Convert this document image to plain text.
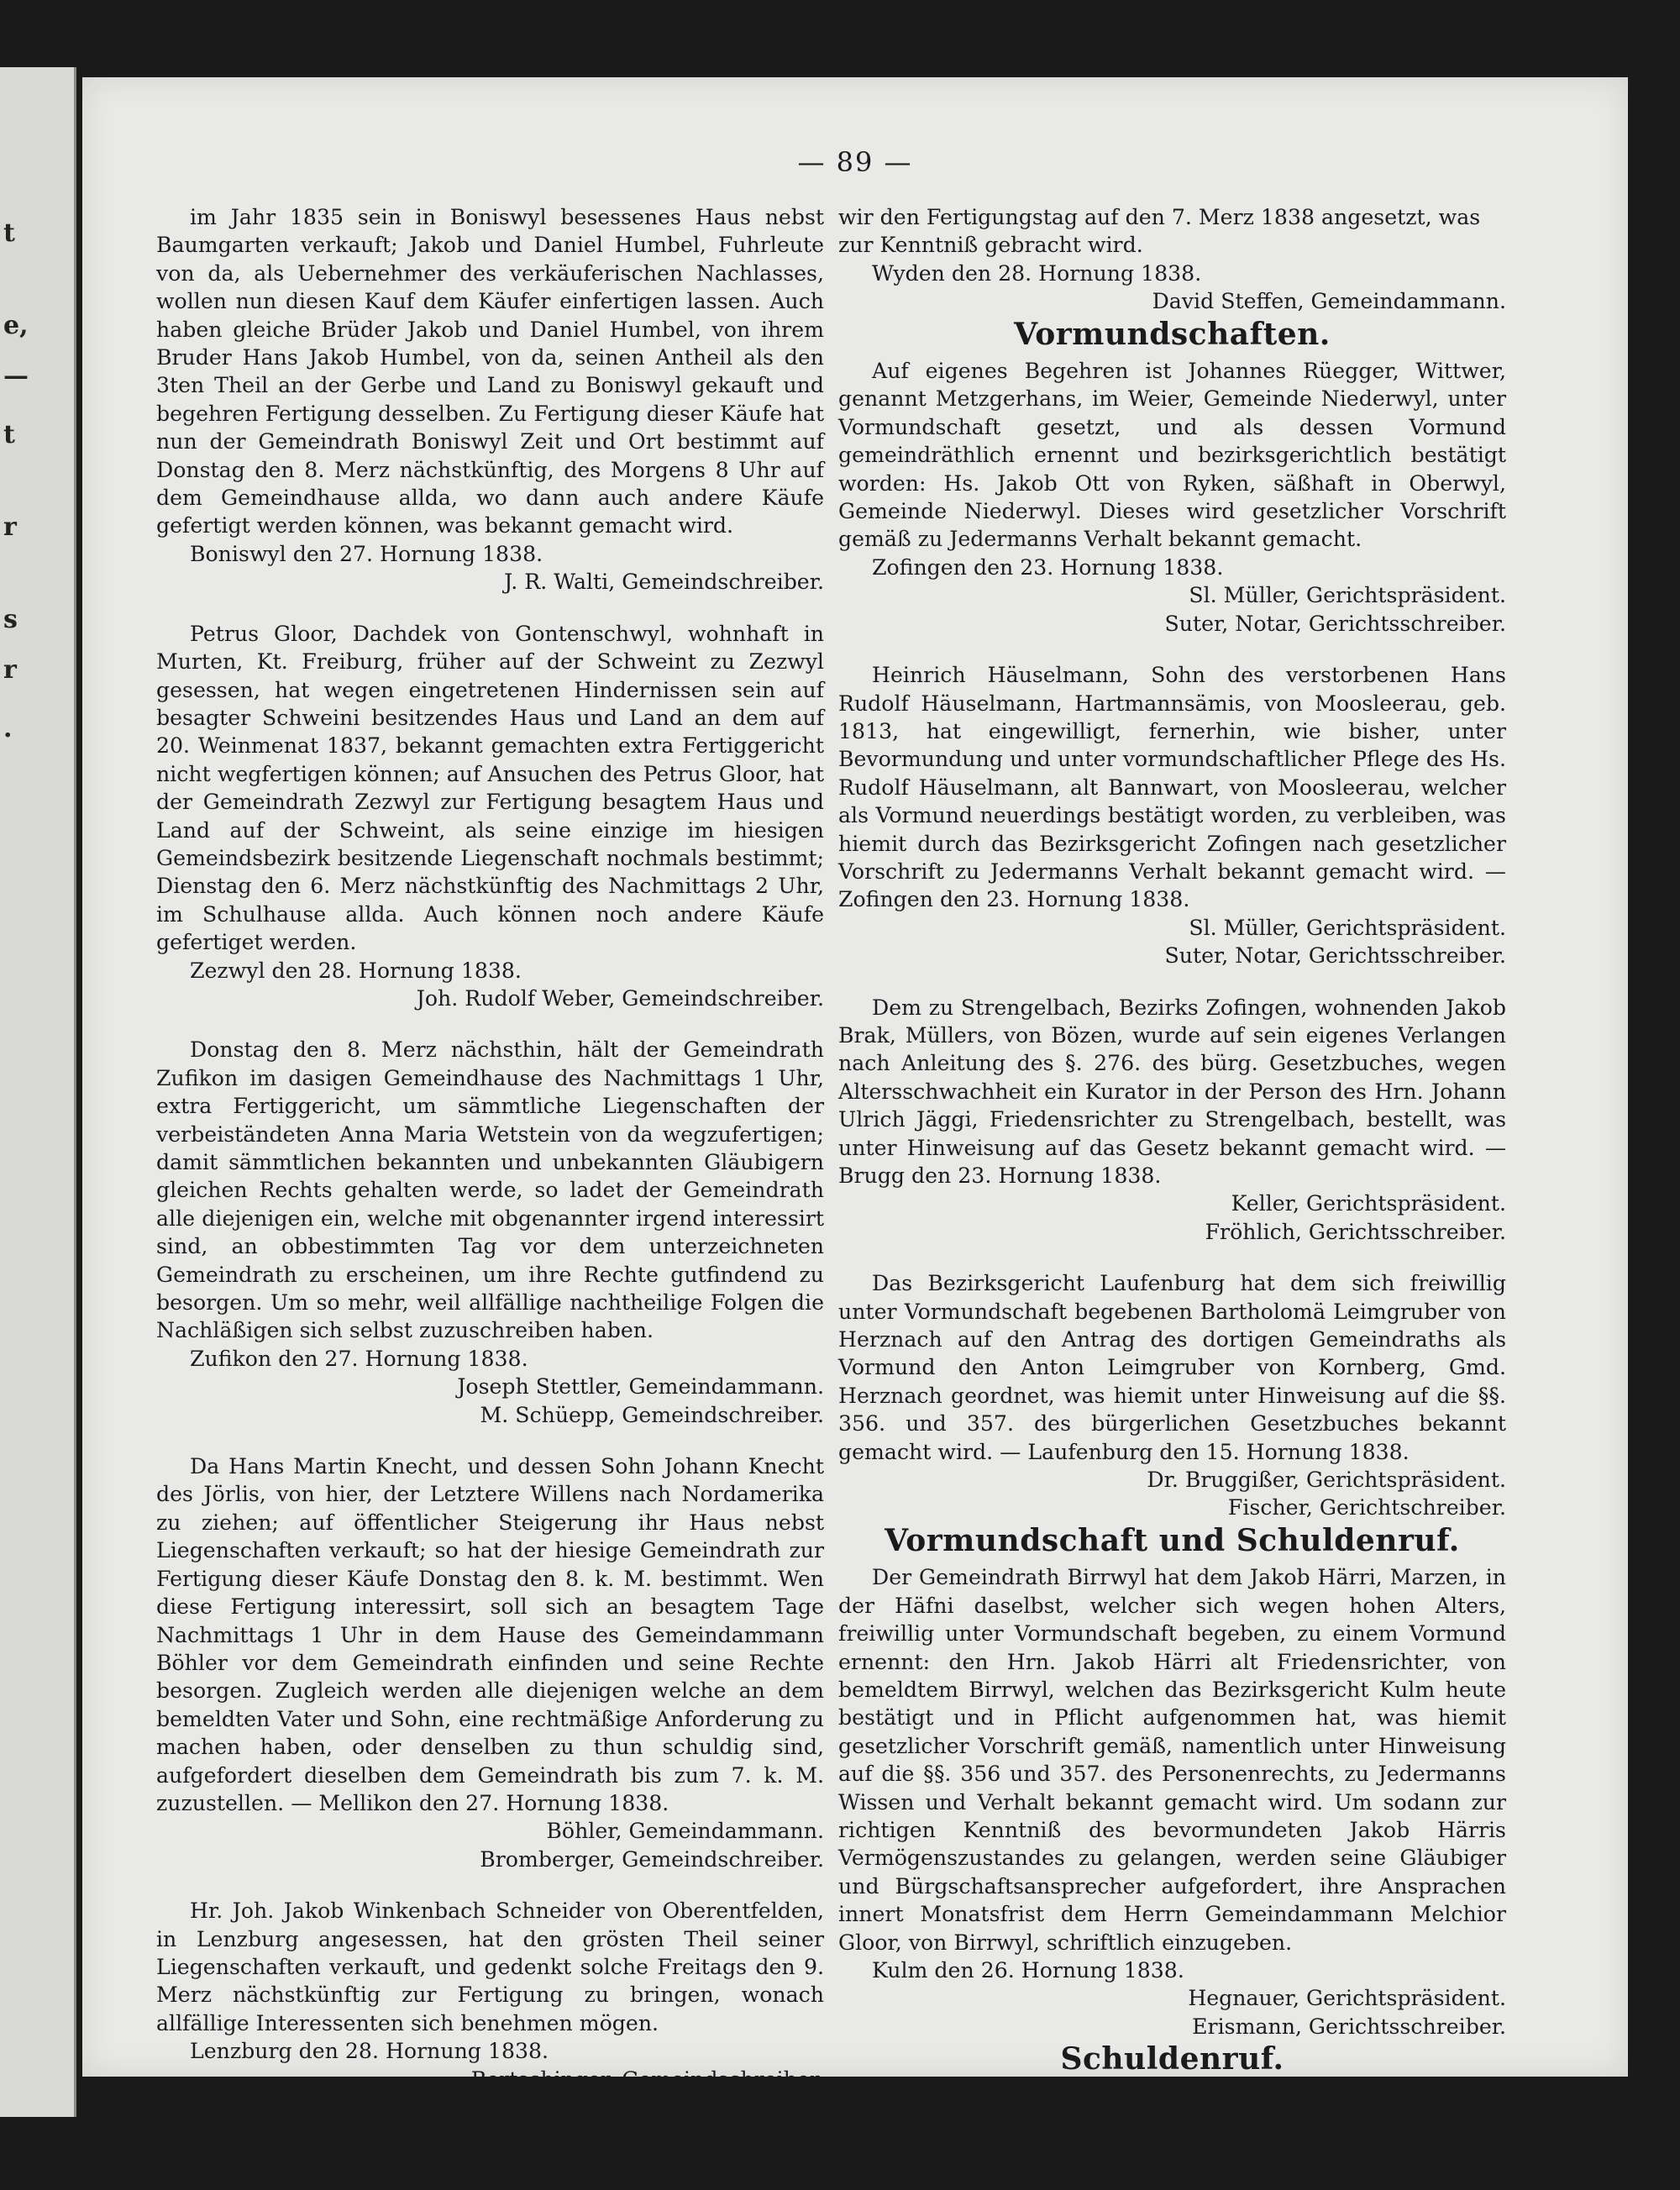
t
e,
—
t
r
s
r
.
— 89 —

im Jahr 1835 sein in Boniswyl besessenes Haus nebst Baumgarten verkauft; Jakob und Daniel Humbel, Fuhrleute von da, als Uebernehmer des verkäuferischen Nachlasses, wollen nun diesen Kauf dem Käufer einfertigen lassen. Auch haben gleiche Brüder Jakob und Daniel Humbel, von ihrem Bruder Hans Jakob Humbel, von da, seinen Antheil als den 3ten Theil an der Gerbe und Land zu Boniswyl gekauft und begehren Fertigung desselben. Zu Fertigung dieser Käufe hat nun der Gemeindrath Boniswyl Zeit und Ort bestimmt auf Donstag den 8. Merz nächstkünftig, des Morgens 8 Uhr auf dem Gemeindhause allda, wo dann auch andere Käufe gefertigt werden können, was bekannt gemacht wird.

Boniswyl den 27. Hornung 1838.

J. R. Walti, Gemeindschreiber.

Petrus Gloor, Dachdek von Gontenschwyl, wohnhaft in Murten, Kt. Freiburg, früher auf der Schweint zu Zezwyl gesessen, hat wegen eingetretenen Hindernissen sein auf besagter Schweini besitzendes Haus und Land an dem auf 20. Weinmenat 1837, bekannt gemachten extra Fertiggericht nicht wegfertigen können; auf Ansuchen des Petrus Gloor, hat der Gemeindrath Zezwyl zur Fertigung besagtem Haus und Land auf der Schweint, als seine einzige im hiesigen Gemeindsbezirk besitzende Liegenschaft nochmals bestimmt; Dienstag den 6. Merz nächstkünftig des Nachmittags 2 Uhr, im Schulhause allda. Auch können noch andere Käufe gefertiget werden.

Zezwyl den 28. Hornung 1838.

Joh. Rudolf Weber, Gemeindschreiber.

Donstag den 8. Merz nächsthin, hält der Gemeindrath Zufikon im dasigen Gemeindhause des Nachmittags 1 Uhr, extra Fertiggericht, um sämmtliche Liegenschaften der verbeiständeten Anna Maria Wetstein von da wegzufertigen; damit sämmtlichen bekannten und unbekannten Gläubigern gleichen Rechts gehalten werde, so ladet der Gemeindrath alle diejenigen ein, welche mit obgenannter irgend interessirt sind, an obbestimmten Tag vor dem unterzeichneten Gemeindrath zu erscheinen, um ihre Rechte gutfindend zu besorgen. Um so mehr, weil allfällige nachtheilige Folgen die Nachläßigen sich selbst zuzuschreiben haben.

Zufikon den 27. Hornung 1838.

Joseph Stettler, Gemeindammann.

M. Schüepp, Gemeindschreiber.

Da Hans Martin Knecht, und dessen Sohn Johann Knecht des Jörlis, von hier, der Letztere Willens nach Nordamerika zu ziehen; auf öffentlicher Steigerung ihr Haus nebst Liegenschaften verkauft; so hat der hiesige Gemeindrath zur Fertigung dieser Käufe Donstag den 8. k. M. bestimmt. Wen diese Fertigung interessirt, soll sich an besagtem Tage Nachmittags 1 Uhr in dem Hause des Gemeindammann Böhler vor dem Gemeindrath einfinden und seine Rechte besorgen. Zugleich werden alle diejenigen welche an dem bemeldten Vater und Sohn, eine rechtmäßige Anforderung zu machen haben, oder denselben zu thun schuldig sind, aufgefordert dieselben dem Gemeindrath bis zum 7. k. M. zuzustellen. — Mellikon den 27. Hornung 1838.

Böhler, Gemeindammann.

Bromberger, Gemeindschreiber.

Hr. Joh. Jakob Winkenbach Schneider von Oberentfelden, in Lenzburg angesessen, hat den grösten Theil seiner Liegenschaften verkauft, und gedenkt solche Freitags den 9. Merz nächstkünftig zur Fertigung zu bringen, wonach allfällige Interessenten sich benehmen mögen.

Lenzburg den 28. Hornung 1838.

Bertschinger, Gemeindschreiber.

Da die Gebrüder Georg und Silvan Brunner, in Wyden, ihre sämmtlichen Liegenschaften verkauft, so haben

wir den Fertigungstag auf den 7. Merz 1838 angesetzt, was zur Kenntniß gebracht wird.

Wyden den 28. Hornung 1838.

David Steffen, Gemeindammann.

Vormundschaften.

Auf eigenes Begehren ist Johannes Rüegger, Wittwer, genannt Metzgerhans, im Weier, Gemeinde Niederwyl, unter Vormundschaft gesetzt, und als dessen Vormund gemeindräthlich ernennt und bezirksgerichtlich bestätigt worden: Hs. Jakob Ott von Ryken, säßhaft in Oberwyl, Gemeinde Niederwyl. Dieses wird gesetzlicher Vorschrift gemäß zu Jedermanns Verhalt bekannt gemacht.

Zofingen den 23. Hornung 1838.

Sl. Müller, Gerichtspräsident.

Suter, Notar, Gerichtsschreiber.

Heinrich Häuselmann, Sohn des verstorbenen Hans Rudolf Häuselmann, Hartmannsämis, von Moosleerau, geb. 1813, hat eingewilligt, fernerhin, wie bisher, unter Bevormundung und unter vormundschaftlicher Pflege des Hs. Rudolf Häuselmann, alt Bannwart, von Moosleerau, welcher als Vormund neuerdings bestätigt worden, zu verbleiben, was hiemit durch das Bezirksgericht Zofingen nach gesetzlicher Vorschrift zu Jedermanns Verhalt bekannt gemacht wird. — Zofingen den 23. Hornung 1838.

Sl. Müller, Gerichtspräsident.

Suter, Notar, Gerichtsschreiber.

Dem zu Strengelbach, Bezirks Zofingen, wohnenden Jakob Brak, Müllers, von Bözen, wurde auf sein eigenes Verlangen nach Anleitung des §. 276. des bürg. Gesetzbuches, wegen Altersschwachheit ein Kurator in der Person des Hrn. Johann Ulrich Jäggi, Friedensrichter zu Strengelbach, bestellt, was unter Hinweisung auf das Gesetz bekannt gemacht wird. — Brugg den 23. Hornung 1838.

Keller, Gerichtspräsident.

Fröhlich, Gerichtsschreiber.

Das Bezirksgericht Laufenburg hat dem sich freiwillig unter Vormundschaft begebenen Bartholomä Leimgruber von Herznach auf den Antrag des dortigen Gemeindraths als Vormund den Anton Leimgruber von Kornberg, Gmd. Herznach geordnet, was hiemit unter Hinweisung auf die §§. 356. und 357. des bürgerlichen Gesetzbuches bekannt gemacht wird. — Laufenburg den 15. Hornung 1838.

Dr. Bruggißer, Gerichtspräsident.

Fischer, Gerichtschreiber.

Vormundschaft und Schuldenruf.

Der Gemeindrath Birrwyl hat dem Jakob Härri, Marzen, in der Häfni daselbst, welcher sich wegen hohen Alters, freiwillig unter Vormundschaft begeben, zu einem Vormund ernennt: den Hrn. Jakob Härri alt Friedensrichter, von bemeldtem Birrwyl, welchen das Bezirksgericht Kulm heute bestätigt und in Pflicht aufgenommen hat, was hiemit gesetzlicher Vorschrift gemäß, namentlich unter Hinweisung auf die §§. 356 und 357. des Personenrechts, zu Jedermanns Wissen und Verhalt bekannt gemacht wird. Um sodann zur richtigen Kenntniß des bevormundeten Jakob Härris Vermögenszustandes zu gelangen, werden seine Gläubiger und Bürgschaftsansprecher aufgefordert, ihre Ansprachen innert Monatsfrist dem Herrn Gemeindammann Melchior Gloor, von Birrwyl, schriftlich einzugeben.

Kulm den 26. Hornung 1838.

Hegnauer, Gerichtspräsident.

Erismann, Gerichtsschreiber.

Schuldenruf.

Das Bezirksgericht Aarau hat dem nach Amerika auszuwandern gesonnenen Rudolf Wehrli, Posamenter von Küt-
